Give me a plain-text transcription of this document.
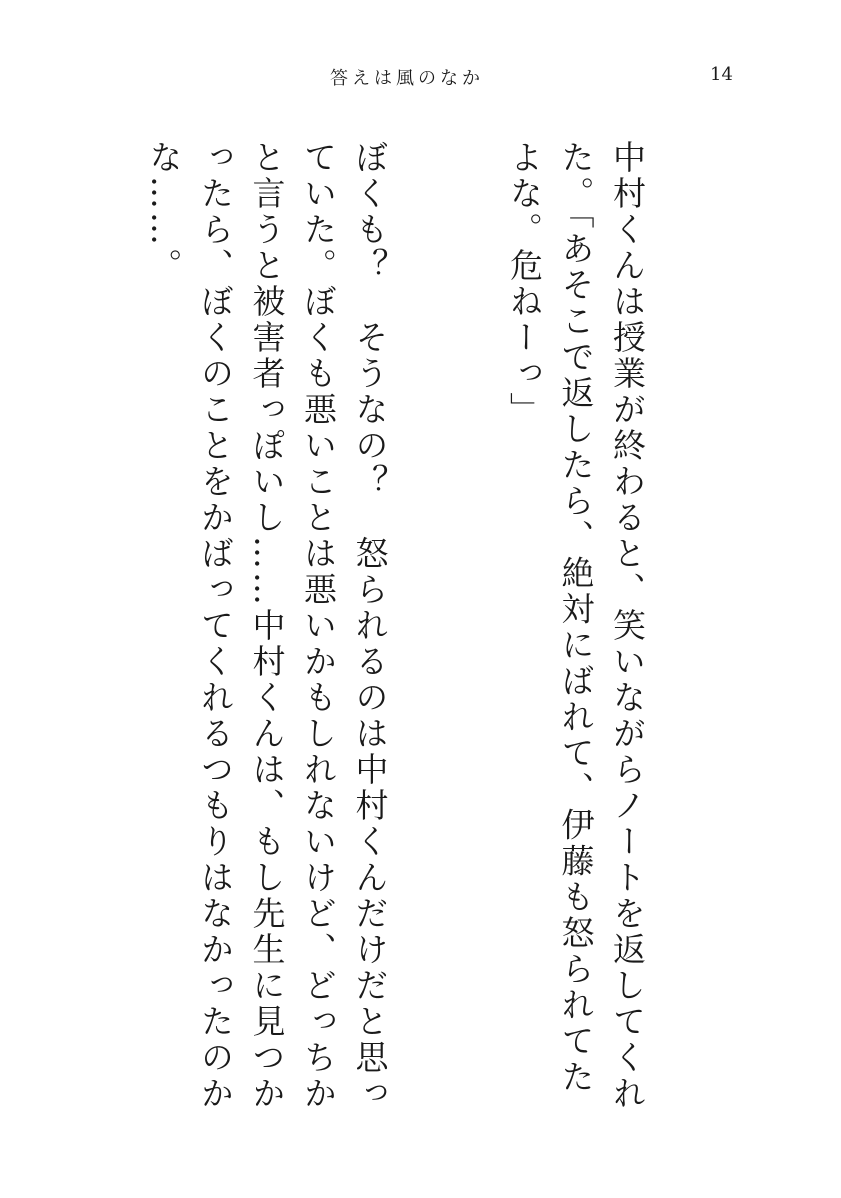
答えは風のなか	14

中村くんは授業が終わると、笑いながらノートを返してくれた。「あそこで返したら、絶対にばれて、伊藤も怒られてたよな。危ねーっ」

ぼくも？　そうなの？　怒られるのは中村くんだけだと思っていた。ぼくも悪いことは悪いかもしれないけど、どっちかと言うと被害者っぽいし……中村くんは、もし先生に見つかったら、ぼくのことをかばってくれるつもりはなかったのかな……。
